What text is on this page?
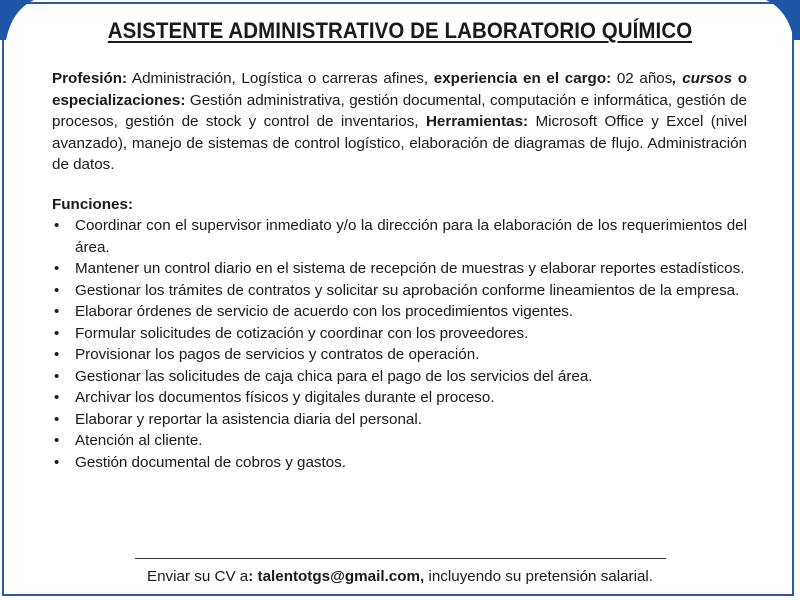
ASISTENTE ADMINISTRATIVO DE LABORATORIO QUÍMICO

Profesión: Administración, Logística o carreras afines, experiencia en el cargo: 02 años, cursos o especializaciones: Gestión administrativa, gestión documental, computación e informática, gestión de procesos, gestión de stock y control de inventarios, Herramientas: Microsoft Office y Excel (nivel avanzado), manejo de sistemas de control logístico, elaboración de diagramas de flujo. Administración de datos.

Funciones:
• Coordinar con el supervisor inmediato y/o la dirección para la elaboración de los requerimientos del área.
• Mantener un control diario en el sistema de recepción de muestras y elaborar reportes estadísticos.
• Gestionar los trámites de contratos y solicitar su aprobación conforme lineamientos de la empresa.
• Elaborar órdenes de servicio de acuerdo con los procedimientos vigentes.
• Formular solicitudes de cotización y coordinar con los proveedores.
• Provisionar los pagos de servicios y contratos de operación.
• Gestionar las solicitudes de caja chica para el pago de los servicios del área.
• Archivar los documentos físicos y digitales durante el proceso.
• Elaborar y reportar la asistencia diaria del personal.
• Atención al cliente.
• Gestión documental de cobros y gastos.
Enviar su CV a: talentotgs@gmail.com, incluyendo su pretensión salarial.
